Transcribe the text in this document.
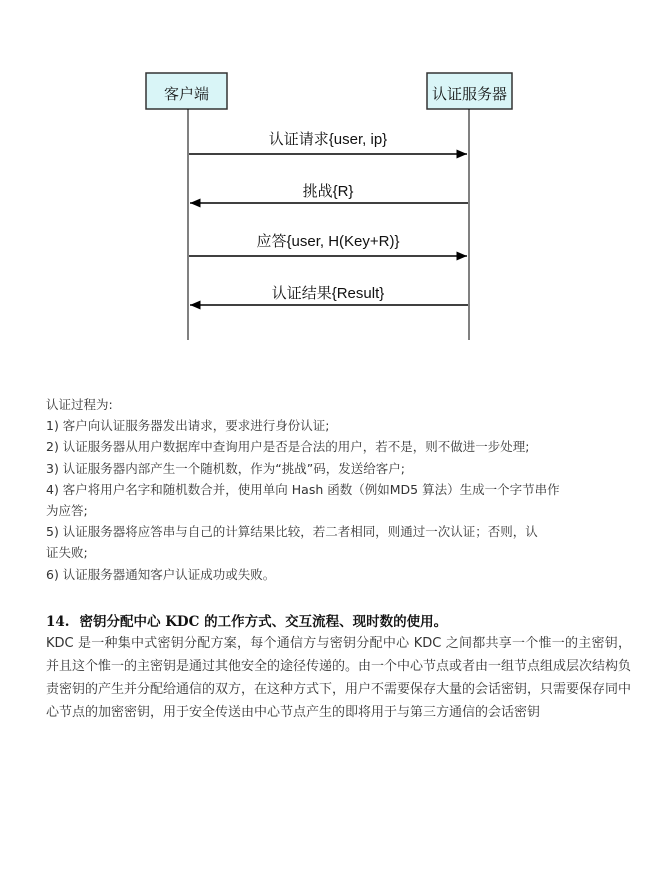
客户端	认证服务器
认证请求{user, ip}
挑战{R}
应答{user, H(Key+R)}
认证结果{Result}
认证过程为:
1) 客户向认证服务器发出请求，要求进行身份认证;
2) 认证服务器从用户数据库中查询用户是否是合法的用户，若不是，则不做进一步处理;
3) 认证服务器内部产生一个随机数，作为“挑战”码，发送给客户;
4) 客户将用户名字和随机数合并，使用单向 Hash 函数（例如MD5 算法）生成一个字节串作
为应答;
5) 认证服务器将应答串与自己的计算结果比较，若二者相同，则通过一次认证；否则，认
证失败;
6) 认证服务器通知客户认证成功或失败。
14. 密钥分配中心 KDC 的工作方式、交互流程、现时数的使用。
KDC 是一种集中式密钥分配方案，每个通信方与密钥分配中心 KDC 之间都共享一个惟一的主密钥，并且这个惟一的主密钥是通过其他安全的途径传递的。由一个中心节点或者由一组节点组成层次结构负责密钥的产生并分配给通信的双方，在这种方式下，用户不需要保存大量的会话密钥，只需要保存同中心节点的加密密钥，用于安全传送由中心节点产生的即将用于与第三方通信的会话密钥
